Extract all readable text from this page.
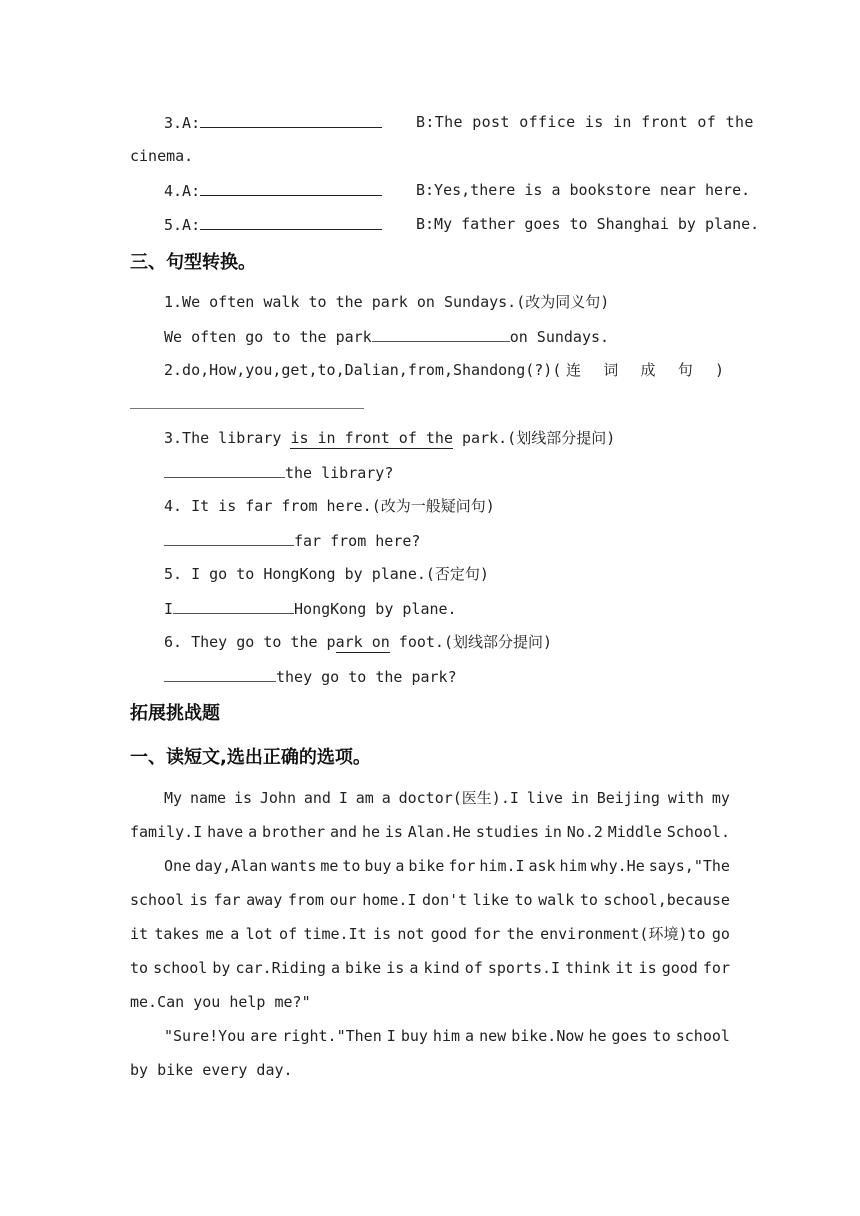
3.A:	B:The post office is in front of the
cinema.
4.A:	B:Yes,there is a bookstore near here.
5.A:	B:My father goes to Shanghai by plane.
三、句型转换。
1.We often walk to the park on Sundays.(改为同义句)
We often go to the park	on Sundays.
2.do,How,you,get,to,Dalian,from,Shandong(?)( 连 词 成 句 )
3.The library is in front of the park.(划线部分提问)
the library?
4. It is far from here.(改为一般疑问句)
far from here?
5. I go to HongKong by plane.(否定句)
I	HongKong by plane.
6. They go to the park on foot.(划线部分提问)
they go to the park?
拓展挑战题
一、读短文,选出正确的选项。
My name is John and I am a doctor(医生).I live in Beijing with my
family.I have a brother and he is Alan.He studies in No.2 Middle School.
One day,Alan wants me to buy a bike for him.I ask him why.He says,"The
school is far away from our home.I don't like to walk to school,because
it takes me a lot of time.It is not good for the environment(环境)to go
to school by car.Riding a bike is a kind of sports.I think it is good for
me.Can you help me?"
"Sure!You are right."Then I buy him a new bike.Now he goes to school
by bike every day.
